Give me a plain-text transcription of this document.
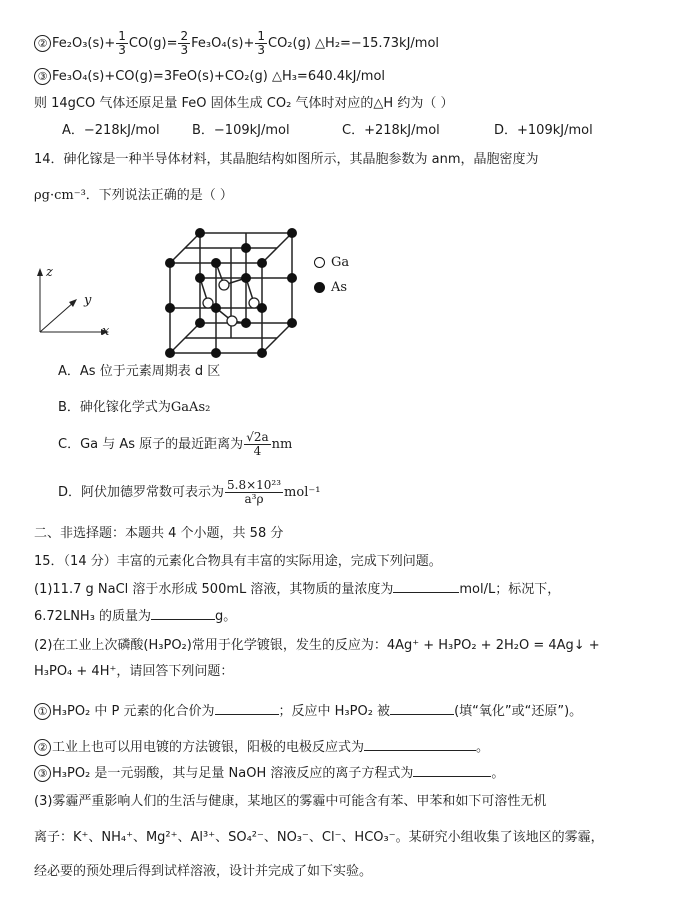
② $Fe_2O_3(s)+ \frac{1}{3} CO(g)= \frac{2}{3} Fe_3O_4(s)+ \frac{1}{3} CO_2(g)$ △H₂=−15.73kJ/mol
③ Fe₃O₄(s)+CO(g)=3FeO(s)+CO₂(g) △H₃=640.4kJ/mol
则 14gCO 气体还原足量 FeO 固体生成 CO₂ 气体时对应的△H 约为（ ）
A．−218kJ/mol B．−109kJ/mol	C．+218kJ/mol	D．+109kJ/mol
14．砷化镓是一种半导体材料，其晶胞结构如图所示，其晶胞参数为 anm，晶胞密度为
ρg·cm⁻³．下列说法正确的是（ ）
z
y
x
Ga
As
A．As 位于元素周期表 d 区
B．砷化镓化学式为GaAs₂
C．Ga 与 As 原子的最近距离为 $\frac{√2a}{4}$ nm
D．阿伏加德罗常数可表示为 $\frac{\text{5.8×10²³}}{\text{a³ρ}} mol^{-1}$
二、非选择题：本题共 4 个小题，共 58 分
15．（14 分）丰富的元素化合物具有丰富的实际用途，完成下列问题。
(1)11.7 g NaCl 溶于水形成 500mL 溶液，其物质的量浓度为	mol/L；标况下，
6.72LNH₃ 的质量为	g。
(2)在工业上次磷酸(H₃PO₂)常用于化学镀银，发生的反应为：4Ag⁺ + H₃PO₂ + 2H₂O = 4Ag↓ +
H₃PO₄ + 4H⁺，请回答下列问题：
① H₃PO₂ 中 P 元素的化合价为	；反应中 H₃PO₂ 被	(填“氧化”或“还原”)。
② 工业上也可以用电镀的方法镀银，阳极的电极反应式为	。
③ H₃PO₂ 是一元弱酸，其与足量 NaOH 溶液反应的离子方程式为	。
(3)雾霾严重影响人们的生活与健康，某地区的雾霾中可能含有苯、甲苯和如下可溶性无机
离子：K⁺、NH₄⁺、Mg²⁺、Al³⁺、SO₄²⁻、NO₃⁻、Cl⁻、HCO₃⁻。某研究小组收集了该地区的雾霾，
经必要的预处理后得到试样溶液，设计并完成了如下实验。
